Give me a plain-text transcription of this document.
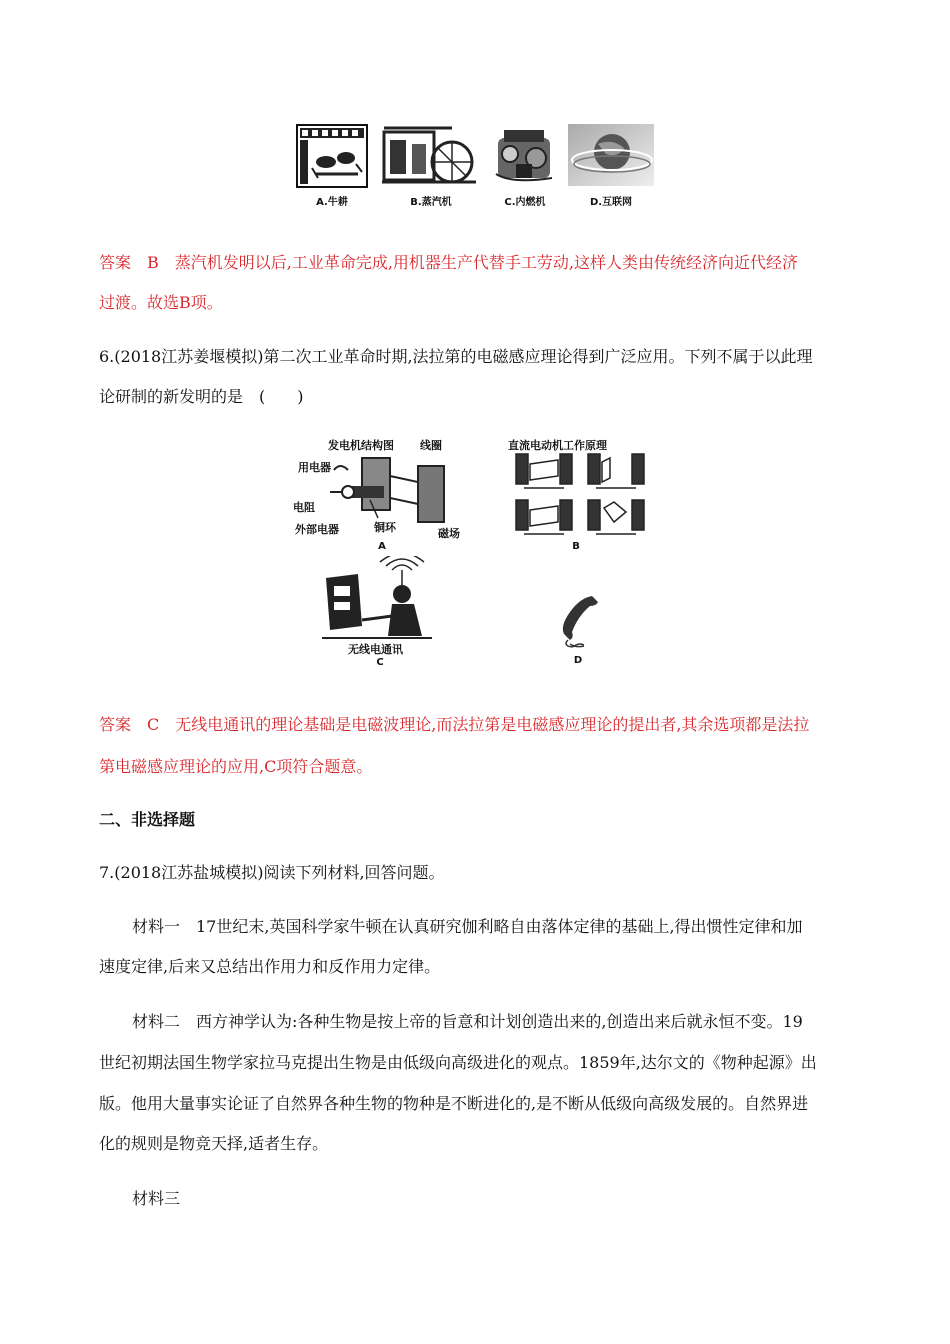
A.牛耕	B.蒸汽机	C.内燃机	D.互联网
答案　B　蒸汽机发明以后,工业革命完成,用机器生产代替手工劳动,这样人类由传统经济向近代经济
过渡。故选B项。
6.(2018江苏姜堰模拟)第二次工业革命时期,法拉第的电磁感应理论得到广泛应用。下列不属于以此理
论研制的新发明的是　(　　)
发电机结构图 线圈
用电器
电阻
外部电器	铜环	磁场
A
直流电动机工作原理
B
无线电通讯
C	D
答案　C　无线电通讯的理论基础是电磁波理论,而法拉第是电磁感应理论的提出者,其余选项都是法拉
第电磁感应理论的应用,C项符合题意。
二、非选择题
7.(2018江苏盐城模拟)阅读下列材料,回答问题。
材料一　17世纪末,英国科学家牛顿在认真研究伽利略自由落体定律的基础上,得出惯性定律和加
速度定律,后来又总结出作用力和反作用力定律。
材料二　西方神学认为:各种生物是按上帝的旨意和计划创造出来的,创造出来后就永恒不变。19
世纪初期法国生物学家拉马克提出生物是由低级向高级进化的观点。1859年,达尔文的《物种起源》出
版。他用大量事实论证了自然界各种生物的物种是不断进化的,是不断从低级向高级发展的。自然界进
化的规则是物竞天择,适者生存。
材料三
